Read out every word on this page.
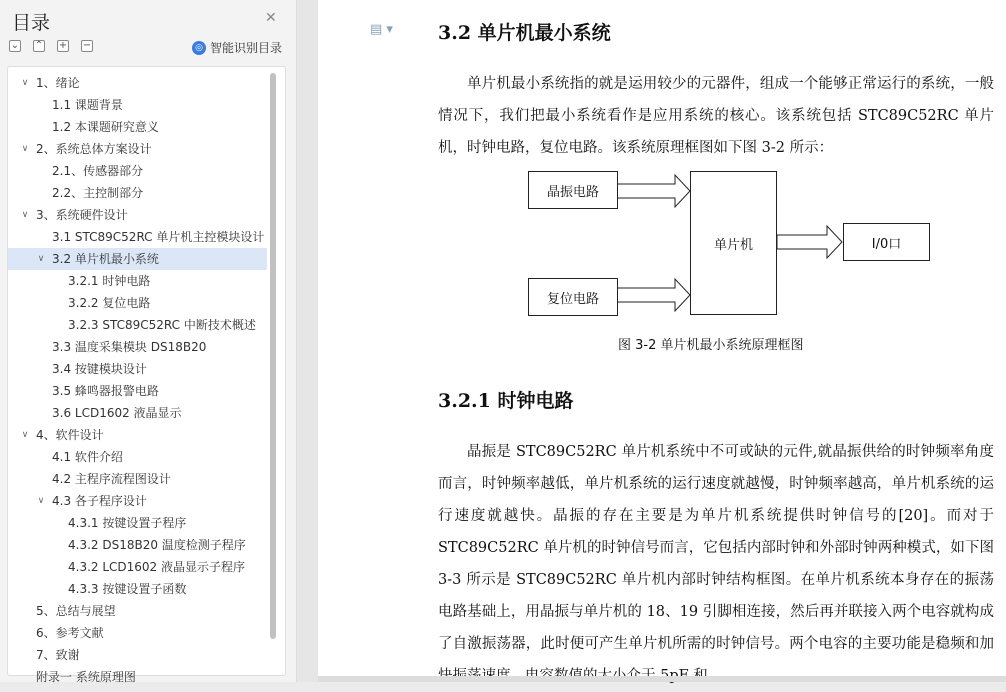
目录	✕
⌄ ⌃ + −	◎ 智能识别目录
∨ 1、绪论
1.1 课题背景
1.2 本课题研究意义
∨ 2、系统总体方案设计
2.1、传感器部分
2.2、主控制部分
∨ 3、系统硬件设计
3.1 STC89C52RC 单片机主控模块设计
∨ 3.2 单片机最小系统
3.2.1 时钟电路
3.2.2 复位电路
3.2.3 STC89C52RC 中断技术概述
3.3 温度采集模块 DS18B20
3.4 按键模块设计
3.5 蜂鸣器报警电路
3.6 LCD1602 液晶显示
∨ 4、软件设计
4.1 软件介绍
4.2 主程序流程图设计
∨ 4.3 各子程序设计
4.3.1 按键设置子程序
4.3.2 DS18B20 温度检测子程序
4.3.2 LCD1602 液晶显示子程序
4.3.3 按键设置子函数
5、总结与展望
6、参考文献
7、致谢
附录一 系统原理图
▤ ▾ 3.2 单片机最小系统

单片机最小系统指的就是运用较少的元器件，组成一个能够正常运行的系统，一般情况下，我们把最小系统看作是应用系统的核心。该系统包括 STC89C52RC 单片机，时钟电路，复位电路。该系统原理框图如下图 3-2 所示：

晶振电路
复位电路
单片机	I/0口
图 3-2 单片机最小系统原理框图
3.2.1 时钟电路

晶振是 STC89C52RC 单片机系统中不可或缺的元件,就晶振供给的时钟频率角度而言，时钟频率越低，单片机系统的运行速度就越慢，时钟频率越高，单片机系统的运行速度就越快。晶振的存在主要是为单片机系统提供时钟信号的[20]。而对于 STC89C52RC 单片机的时钟信号而言，它包括内部时钟和外部时钟两种模式，如下图 3-3 所示是 STC89C52RC 单片机内部时钟结构框图。在单片机系统本身存在的振荡电路基础上，用晶振与单片机的 18、19 引脚相连接，然后再并联接入两个电容就构成了自激振荡器，此时便可产生单片机所需的时钟信号。两个电容的主要功能是稳频和加
